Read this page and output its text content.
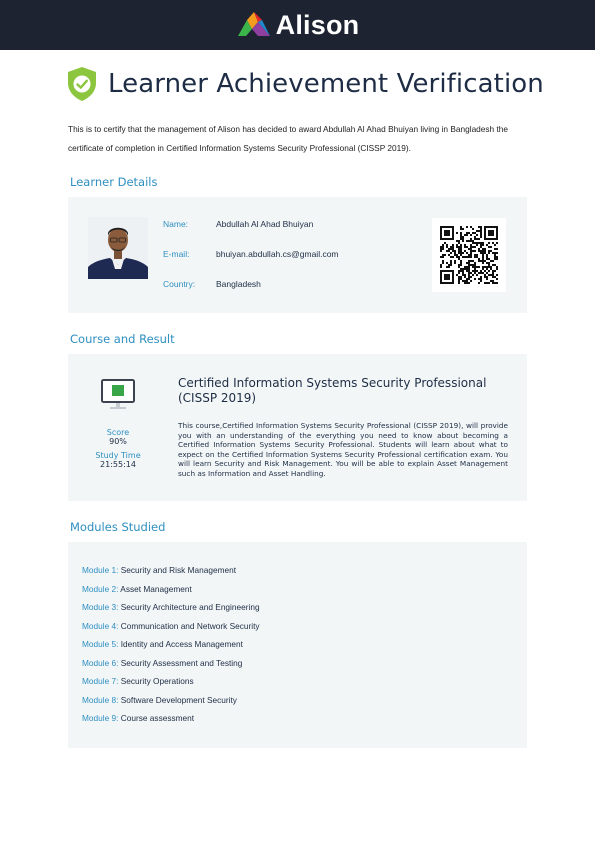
Alison
Learner Achievement Verification
This is to certify that the management of Alison has decided to award Abdullah Al Ahad Bhuiyan living in Bangladesh the
certificate of completion in Certified Information Systems Security Professional (CISSP 2019).
Learner Details
Name:	Abdullah Al Ahad Bhuiyan
E-mail:	bhuiyan.abdullah.cs@gmail.com
Country:	Bangladesh
Course and Result
Score
90%
Study Time
21:55:14
Certified Information Systems Security Professional (CISSP 2019)
This course,Certified Information Systems Security Professional (CISSP 2019), will provide you with an understanding of the everything you need to know about becoming a Certified Information Systems Security Professional. Students will learn about what to expect on the Certified Information Systems Security Professional certification exam. You will learn Security and Risk Management. You will be able to explain Asset Management such as Information and Asset Handling.
Modules Studied
Module 1: Security and Risk Management
Module 2: Asset Management
Module 3: Security Architecture and Engineering
Module 4: Communication and Network Security
Module 5: Identity and Access Management
Module 6: Security Assessment and Testing
Module 7: Security Operations
Module 8: Software Development Security
Module 9: Course assessment
